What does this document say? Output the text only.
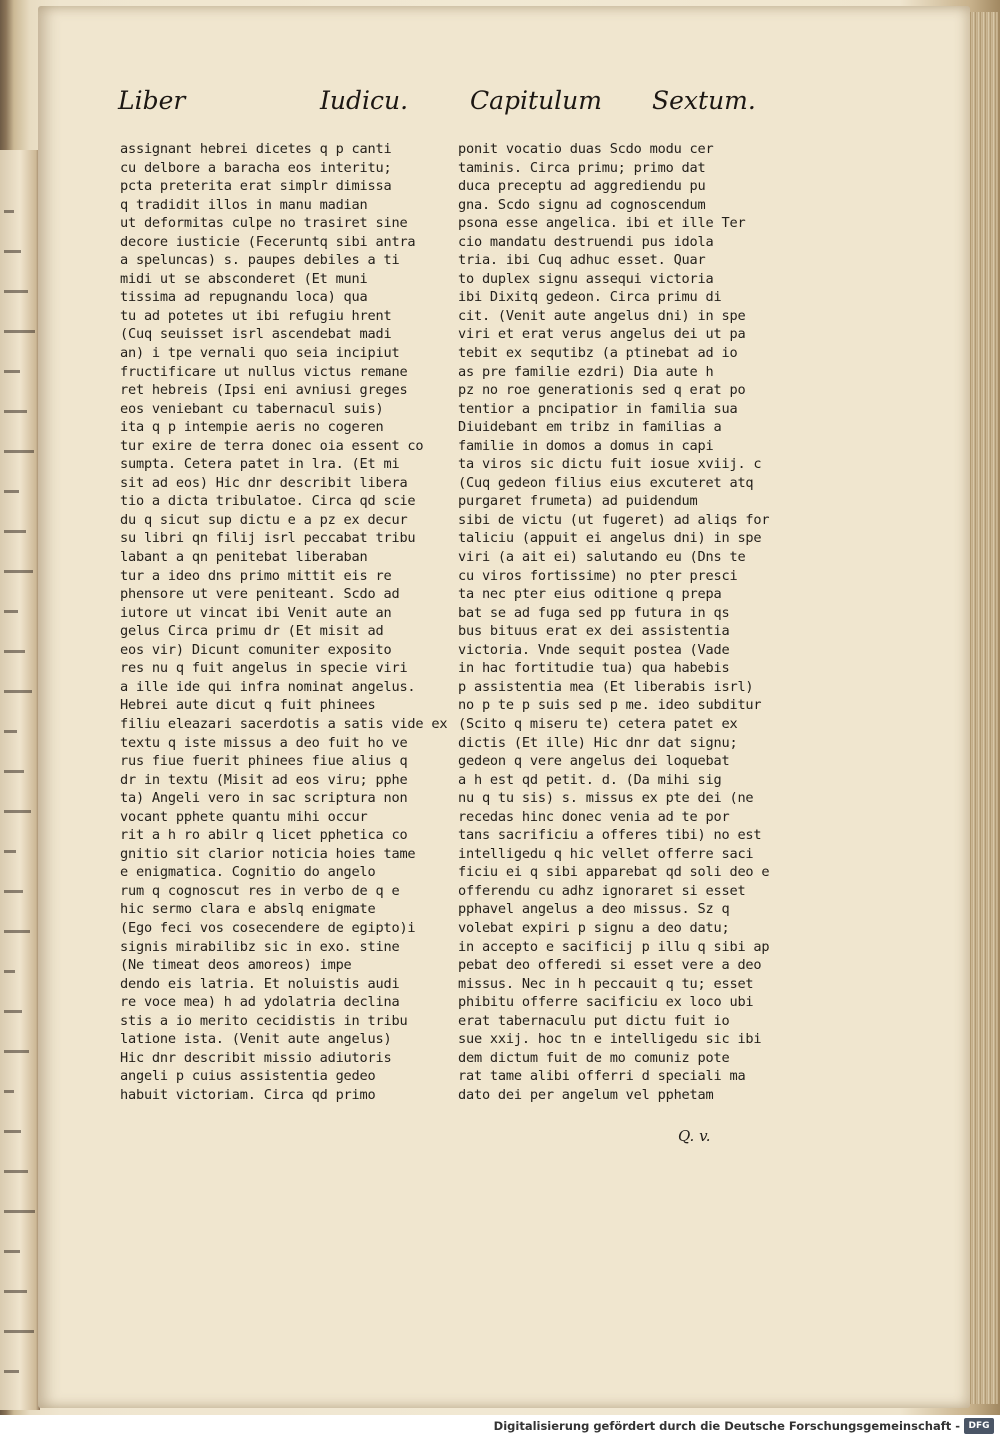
Liber	Iudicu. Capitulum Sextum.
assignant hebrei dicetes q p canti
cu delbore a baracha eos interitu;
pcta preterita erat simplr dimissa
q tradidit illos in manu madian
ut deformitas culpe no trasiret sine
decore iusticie (Feceruntq sibi antra
a speluncas) s. paupes debiles a ti
midi ut se absconderet (Et muni
tissima ad repugnandu loca) qua
tu ad potetes ut ibi refugiu hrent
(Cuq seuisset isrl ascendebat madi
an) i tpe vernali quo seia incipiut
fructificare ut nullus victus remane
ret hebreis (Ipsi eni avniusi greges
eos veniebant cu tabernacul suis)
ita q p intempie aeris no cogeren
tur exire de terra donec oia essent co
sumpta. Cetera patet in lra. (Et mi
sit ad eos) Hic dnr describit libera
tio a dicta tribulatoe. Circa qd scie
du q sicut sup dictu e a pz ex decur
su libri qn filij isrl peccabat tribu
labant a qn penitebat liberaban
tur a ideo dns primo mittit eis re
phensore ut vere peniteant. Scdo ad
iutore ut vincat ibi Venit aute an
gelus Circa primu dr (Et misit ad
eos vir) Dicunt comuniter exposito
res nu q fuit angelus in specie viri
a ille ide qui infra nominat angelus.
Hebrei aute dicut q fuit phinees
filiu eleazari sacerdotis a satis vide ex
textu q iste missus a deo fuit ho ve
rus fiue fuerit phinees fiue alius q
dr in textu (Misit ad eos viru; pphe
ta) Angeli vero in sac scriptura non
vocant pphete quantu mihi occur
rit a h ro abilr q licet pphetica co
gnitio sit clarior noticia hoies tame
e enigmatica. Cognitio do angelo
rum q cognoscut res in verbo de q e
hic sermo clara e abslq enigmate
(Ego feci vos cosecendere de egipto)i
signis mirabilibz sic in exo. stine
(Ne timeat deos amoreos) impe
dendo eis latria. Et noluistis audi
re voce mea) h ad ydolatria declina
stis a io merito cecidistis in tribu
latione ista. (Venit aute angelus)
Hic dnr describit missio adiutoris
angeli p cuius assistentia gedeo
habuit victoriam. Circa qd primo
ponit vocatio duas Scdo modu cer
taminis. Circa primu; primo dat
duca preceptu ad aggrediendu pu
gna. Scdo signu ad cognoscendum
psona esse angelica. ibi et ille Ter
cio mandatu destruendi pus idola
tria. ibi Cuq adhuc esset. Quar
to duplex signu assequi victoria
ibi Dixitq gedeon. Circa primu di
cit. (Venit aute angelus dni) in spe
viri et erat verus angelus dei ut pa
tebit ex sequtibz (a ptinebat ad io
as pre familie ezdri) Dia aute h
pz no roe generationis sed q erat po
tentior a pncipatior in familia sua
Diuidebant em tribz in familias a
familie in domos a domus in capi
ta viros sic dictu fuit iosue xviij. c
(Cuq gedeon filius eius excuteret atq
purgaret frumeta) ad puidendum
sibi de victu (ut fugeret) ad aliqs for
taliciu (appuit ei angelus dni) in spe
viri (a ait ei) salutando eu (Dns te
cu viros fortissime) no pter presci
ta nec pter eius oditione q prepa
bat se ad fuga sed pp futura in qs
bus bituus erat ex dei assistentia
victoria. Vnde sequit postea (Vade
in hac fortitudie tua) qua habebis
p assistentia mea (Et liberabis isrl)
no p te p suis sed p me. ideo subditur
(Scito q miseru te) cetera patet ex
dictis (Et ille) Hic dnr dat signu;
gedeon q vere angelus dei loquebat
a h est qd petit. d. (Da mihi sig
nu q tu sis) s. missus ex pte dei (ne
recedas hinc donec venia ad te por
tans sacrificiu a offeres tibi) no est
intelligedu q hic vellet offerre saci
ficiu ei q sibi apparebat qd soli deo e
offerendu cu adhz ignoraret si esset
pphavel angelus a deo missus. Sz q
volebat expiri p signu a deo datu;
in accepto e sacificij p illu q sibi ap
pebat deo offeredi si esset vere a deo
missus. Nec in h peccauit q tu; esset
phibitu offerre sacificiu ex loco ubi
erat tabernaculu put dictu fuit io
sue xxij. hoc tn e intelligedu sic ibi
dem dictum fuit de mo comuniz pote
rat tame alibi offerri d speciali ma
dato dei per angelum vel pphetam
Q. v.
Digitalisierung gefördert durch die Deutsche Forschungsgemeinschaft - DFG
